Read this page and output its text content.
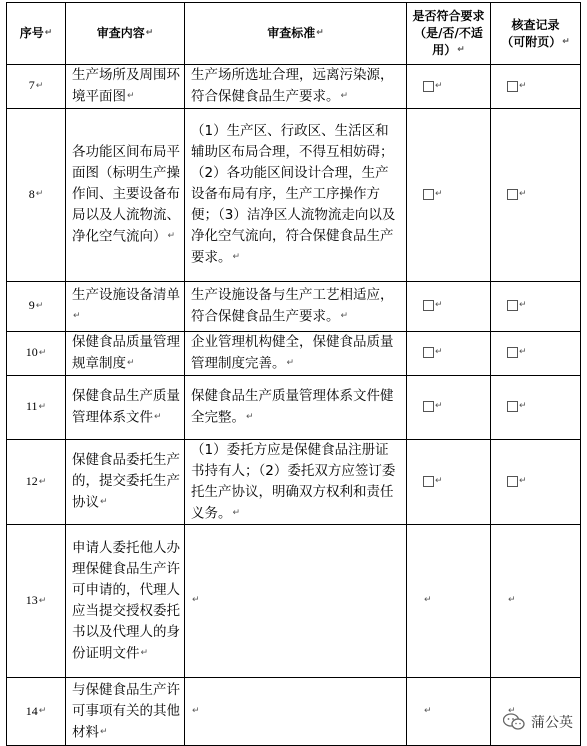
序号↵	审查内容↵	审查标准↵	是否符合要求（是/否/不适用）↵	核查记录（可附页）↵
7↵	生产场所及周围环境平面图↵	生产场所选址合理，远离污染源，符合保健食品生产要求。↵	↵	↵
8↵	各功能区间布局平面图（标明生产操作间、主要设备布局以及人流物流、净化空气流向）↵	（1）生产区、行政区、生活区和辅助区布局合理，不得互相妨碍；（2）各功能区间设计合理，生产设备布局有序，生产工序操作方便；（3）洁净区人流物流走向以及净化空气流向，符合保健食品生产要求。↵	↵	↵
9↵	生产设施设备清单↵	生产设施设备与生产工艺相适应，符合保健食品生产要求。↵	↵	↵
10↵	保健食品质量管理规章制度↵	企业管理机构健全，保健食品质量管理制度完善。↵	↵	↵
11↵	保健食品生产质量管理体系文件↵	保健食品生产质量管理体系文件健全完整。↵	↵	↵
12↵	保健食品委托生产的，提交委托生产协议↵	（1）委托方应是保健食品注册证书持有人；（2）委托双方应签订委托生产协议，明确双方权利和责任义务。↵	↵	↵
13↵	申请人委托他人办理保健食品生产许可申请的，代理人应当提交授权委托书以及代理人的身份证明文件↵	↵	↵	↵
14↵	与保健食品生产许可事项有关的其他材料↵	↵	↵	↵
蒲公英
